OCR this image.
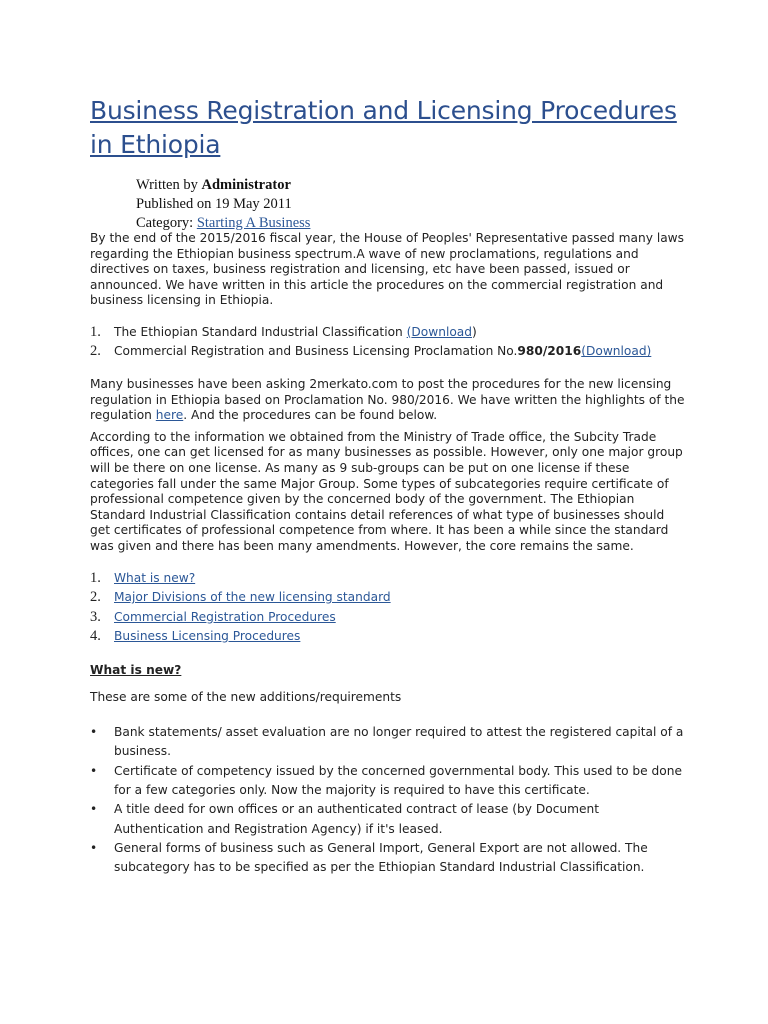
Business Registration and Licensing Procedures in Ethiopia
Written by Administrator
Published on 19 May 2011
Category: Starting A Business

By the end of the 2015/2016 fiscal year, the House of Peoples' Representative passed many laws regarding the Ethiopian business spectrum.A wave of new proclamations, regulations and directives on taxes, business registration and licensing, etc have been passed, issued or announced. We have written in this article the procedures on the commercial registration and business licensing in Ethiopia.

1. The Ethiopian Standard Industrial Classification (Download)
2. Commercial Registration and Business Licensing Proclamation No.980/2016(Download)

Many businesses have been asking 2merkato.com to post the procedures for the new licensing regulation in Ethiopia based on Proclamation No. 980/2016. We have written the highlights of the regulation here. And the procedures can be found below.

According to the information we obtained from the Ministry of Trade office, the Subcity Trade offices, one can get licensed for as many businesses as possible. However, only one major group will be there on one license. As many as 9 sub-groups can be put on one license if these categories fall under the same Major Group. Some types of subcategories require certificate of professional competence given by the concerned body of the government. The Ethiopian Standard Industrial Classification contains detail references of what type of businesses should get certificates of professional competence from where. It has been a while since the standard was given and there has been many amendments. However, the core remains the same.

1. What is new?
2. Major Divisions of the new licensing standard
3. Commercial Registration Procedures
4. Business Licensing Procedures
What is new?

These are some of the new additions/requirements

• Bank statements/ asset evaluation are no longer required to attest the registered capital of a business.
• Certificate of competency issued by the concerned governmental body. This used to be done for a few categories only. Now the majority is required to have this certificate.
• A title deed for own offices or an authenticated contract of lease (by Document Authentication and Registration Agency) if it's leased.
• General forms of business such as General Import, General Export are not allowed. The subcategory has to be specified as per the Ethiopian Standard Industrial Classification.
